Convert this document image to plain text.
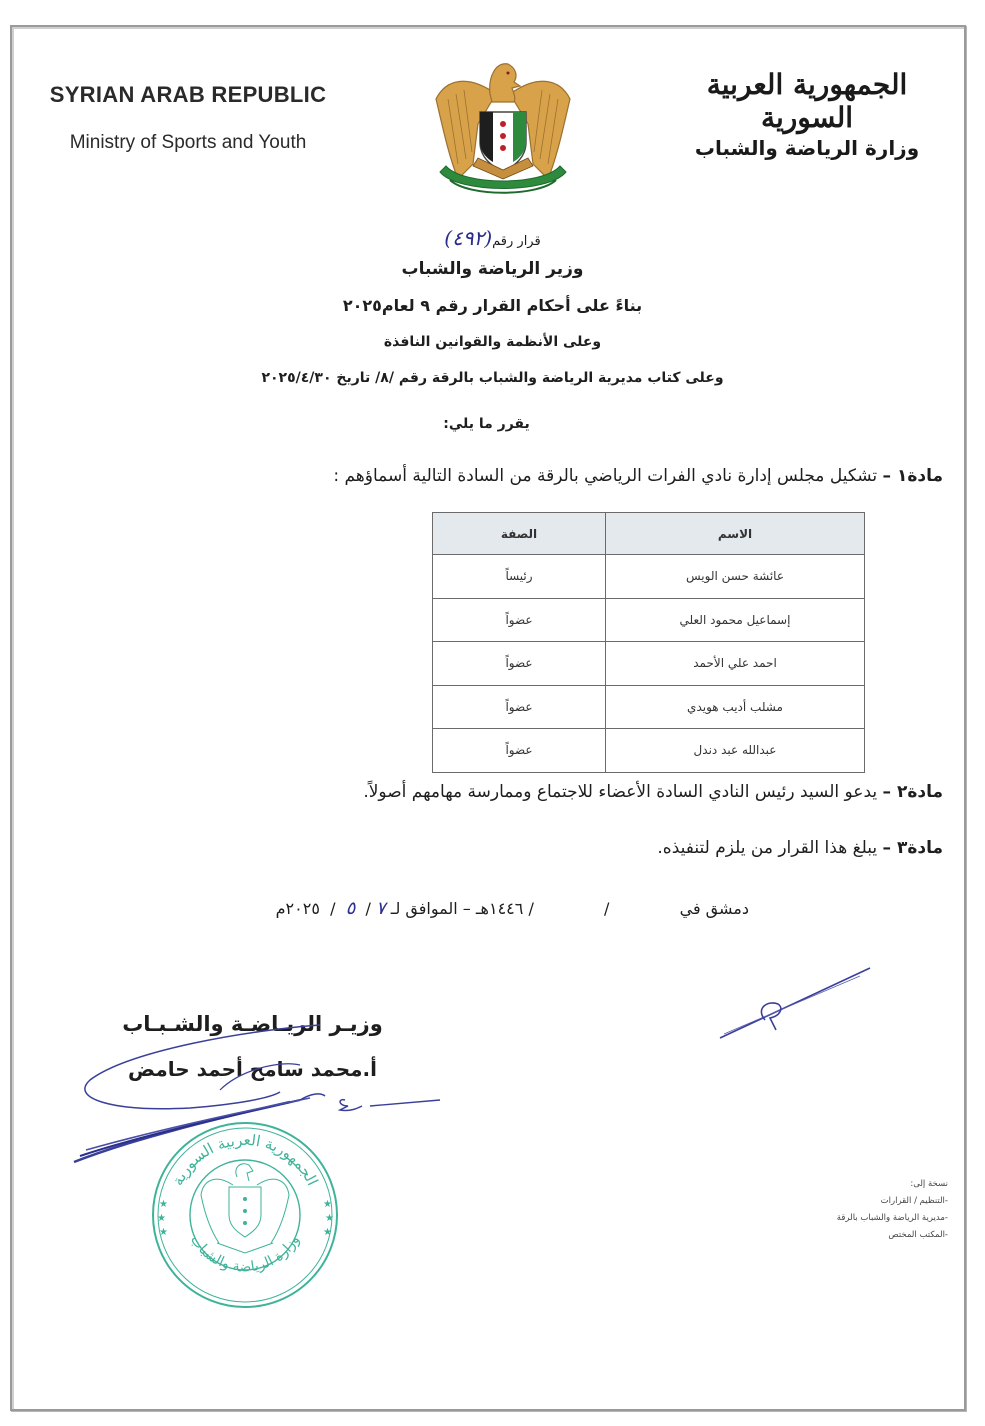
SYRIAN ARAB REPUBLIC
Ministry of Sports and Youth
الجمهورية العربية السورية
وزارة الرياضة والشباب
قرار رقم(٤٩٢)
وزير الرياضة والشباب
بناءً على أحكام القرار رقم ٩ لعام٢٠٢٥
وعلى الأنظمة والقوانين النافذة
وعلى كتاب مديرية الرياضة والشباب بالرقة رقم /٨/ تاريخ ٢٠٢٥/٤/٣٠
يقرر ما يلي:
مادة١ – تشكيل مجلس إدارة نادي الفرات الرياضي بالرقة من السادة التالية أسماؤهم :
الاسم	الصفة
عائشة حسن الويس	رئيساً
إسماعيل محمود العلي	عضواً
احمد علي الأحمد	عضواً
مشلب أديب هويدي	عضواً
عبدالله عبد دندل	عضواً
مادة٢ – يدعو السيد رئيس النادي السادة الأعضاء للاجتماع وممارسة مهامهم أصولاً.
مادة٣ – يبلغ هذا القرار من يلزم لتنفيذه.
دمشق في  /  / ١٤٤٦هـ – الموافق لـ ٧ /  ٥  /  ٢٠٢٥م
وزيـر الريـاضـة والشـبـاب
أ.محمد سامح أحمد حامض
الجمهورية العربية السورية
وزارة الرياضة والشباب
★
★
★
★
★
★
نسخة إلى:
-التنظيم / القرارات
-مديرية الرياضة والشباب بالرقة
-المكتب المختص
